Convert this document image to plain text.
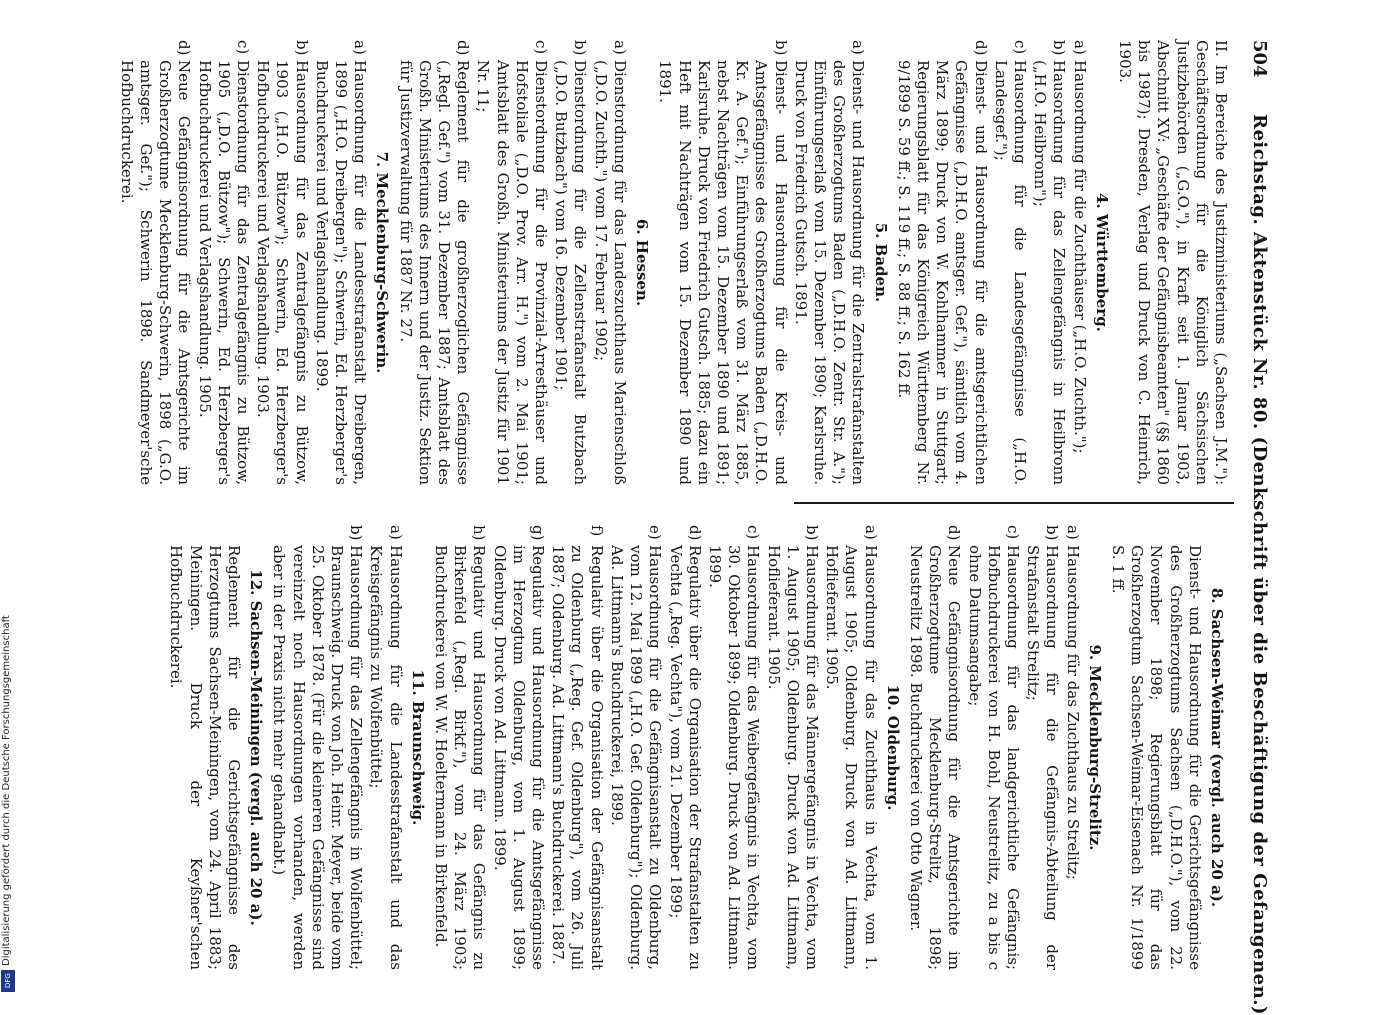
504
Reichstag. Aktenstück Nr. 80. (Denkschrift über die Beschäftigung der Gefangenen.)

II. Im Bereiche des Justizministeriums („Sachsen J.M."): Geschäftsordnung für die Königlich Sächsischen Justizbehörden („G.O."), in Kraft seit 1. Januar 1903, Abschnitt XV: „Geschäfte der Gefängnisbeamten" (§§ 1860 bis 1987); Dresden, Verlag und Druck von C. Heinrich, 1903.

4. Württemberg.
a)
Hausordnung für die Zuchthäuser („H.O. Zuchth.");
b)
Hausordnung für das Zellengefängnis in Heilbronn („H.O. Heilbronn");
c)
Hausordnung für die Landesgefängnisse („H.O. Landesgef.");
d)
Dienst- und Hausordnung für die amtsgerichtlichen Gefängnisse („D.H.O. amtsger. Gef."), sämtlich vom 4. März 1899; Druck von W. Kohlhammer in Stuttgart; Regierungsblatt für das Königreich Württemberg Nr. 9/1899 S. 59 ff.; S. 119 ff.; S. 88 ff.; S. 162 ff.
5. Baden.
a)
Dienst- und Hausordnung für die Zentralstrafanstalten des Großherzogtums Baden („D.H.O. Zentr. Str. A."); Einführungserlaß vom 15. Dezember 1890; Karlsruhe. Druck von Friedrich Gutsch. 1891.
b)
Dienst- und Hausordnung für die Kreis- und Amtsgefängnisse des Großherzogtums Baden („D.H.O. Kr. A. Gef."); Einführungserlaß vom 31. März 1885, nebst Nachträgen vom 15. Dezember 1890 und 1891; Karlsruhe. Druck von Friedrich Gutsch. 1885; dazu ein Heft mit Nachträgen vom 15. Dezember 1890 und 1891.
6. Hessen.
a)
Dienstordnung für das Landeszuchthaus Marienschloß („D.O. Zuchth.") vom 17. Februar 1902;
b)
Dienstordnung für die Zellenstrafanstalt Butzbach („D.O. Butzbach") vom 16. Dezember 1901;
c)
Dienstordnung für die Provinzial-Arresthäuser und Hofstoliale („D.O. Prov. Arr. H.") vom 2. Mai 1901; Amtsblatt des Großh. Ministeriums der Justiz für 1901 Nr. 11;
d)
Reglement für die großherzoglichen Gefängnisse („Regl. Gef.") vom 31. Dezember 1887; Amtsblatt des Großh. Ministeriums des Innern und der Justiz. Sektion für Justizverwaltung für 1887 Nr. 27.
7. Mecklenburg-Schwerin.
a)
Hausordnung für die Landesstrafanstalt Dreibergen, 1899 („H.O. Dreibergen"); Schwerin, Ed. Herzberger's Buchdruckerei und Verlagshandlung. 1899.
b)
Hausordnung für das Zentralgefängnis zu Bützow, 1903 („H.O. Bützow"); Schwerin, Ed. Herzberger's Hofbuchdruckerei und Verlagshandlung. 1903.
c)
Dienstordnung für das Zentralgefängnis zu Bützow, 1905 („D.O. Bützow"); Schwerin, Ed. Herzberger's Hofbuchdruckerei und Verlagshandlung. 1905.
d)
Neue Gefängnisordnung für die Amtsgerichte im Großherzogtume Mecklenburg-Schwerin, 1898 („G.O. amtsger. Gef."); Schwerin 1898. Sandmeyer'sche Hofbuchdruckerei.
8. Sachsen-Weimar (vergl. auch 20 a).
Dienst- und Hausordnung für die Gerichtsgefängnisse des Großherzogtums Sachsen („D.H.O."), vom 22. November 1898; Regierungsblatt für das Großherzogtum Sachsen-Weimar-Eisenach Nr. 1/1899 S. 1 ff.
9. Mecklenburg-Strelitz.
a)
Hausordnung für das Zuchthaus zu Strelitz;
b)
Hausordnung für die Gefängnis-Abteilung der Strafanstalt Strelitz;
c)
Hausordnung für das landgerichtliche Gefängnis; Hofbuchdruckerei von H. Bohl, Neustrelitz, zu a bis c ohne Datumsangabe;
d)
Neue Gefängnisordnung für die Amtsgerichte im Großherzogtume Mecklenburg-Strelitz, 1898; Neustrelitz 1898. Buchdruckerei von Otto Wagner.
10. Oldenburg.
a)
Hausordnung für das Zuchthaus in Vechta, vom 1. August 1905; Oldenburg. Druck von Ad. Littmann, Hoflieferant. 1905.
b)
Hausordnung für das Männergefängnis in Vechta, vom 1. August 1905; Oldenburg. Druck von Ad. Littmann, Hoflieferant. 1905.
c)
Hausordnung für das Weibergefängnis in Vechta, vom 30. Oktober 1899; Oldenburg. Druck von Ad. Littmann. 1899.
d)
Regulativ über die Organisation der Strafanstalten zu Vechta („Reg. Vechta"), vom 21. Dezember 1899;
e)
Hausordnung für die Gefängnisanstalt zu Oldenburg, vom 12. Mai 1899 („H.O. Gef. Oldenburg"); Oldenburg. Ad. Littmann's Buchdruckerei, 1899.
f)
Regulativ über die Organisation der Gefängnisanstalt zu Oldenburg („Reg. Gef. Oldenburg"), vom 26. Juli 1887; Oldenburg. Ad. Littmann's Buchdruckerei. 1887.
g)
Regulativ und Hausordnung für die Amtsgefängnisse im Herzogtum Oldenburg, vom 1. August 1899; Oldenburg. Druck von Ad. Littmann. 1899.
h)
Regulativ und Hausordnung für das Gefängnis zu Birkenfeld („Regl. Birkf."), vom 24. März 1903; Buchdruckerei von W. W. Hoeltermann in Birkenfeld.
11. Braunschweig.
a)
Hausordnung für die Landesstrafanstalt und das Kreisgefängnis zu Wolfenbüttel;
b)
Hausordnung für das Zellengefängnis in Wolfenbüttel; Braunschweig. Druck von Joh. Heinr. Meyer, beide vom 25. Oktober 1878. (Für die kleineren Gefängnisse sind vereinzelt noch Hausordnungen vorhanden, werden aber in der Praxis nicht mehr gehandhabt.)
12. Sachsen-Meiningen (vergl. auch 20 a).
Reglement für die Gerichtsgefängnisse des Herzogtums Sachsen-Meiningen, vom 24. April 1883; Meiningen. Druck der Keyßner'schen Hofbuchdruckerei.
Digitalisierung gefördert durch die Deutsche Forschungsgemeinschaft
DFG
